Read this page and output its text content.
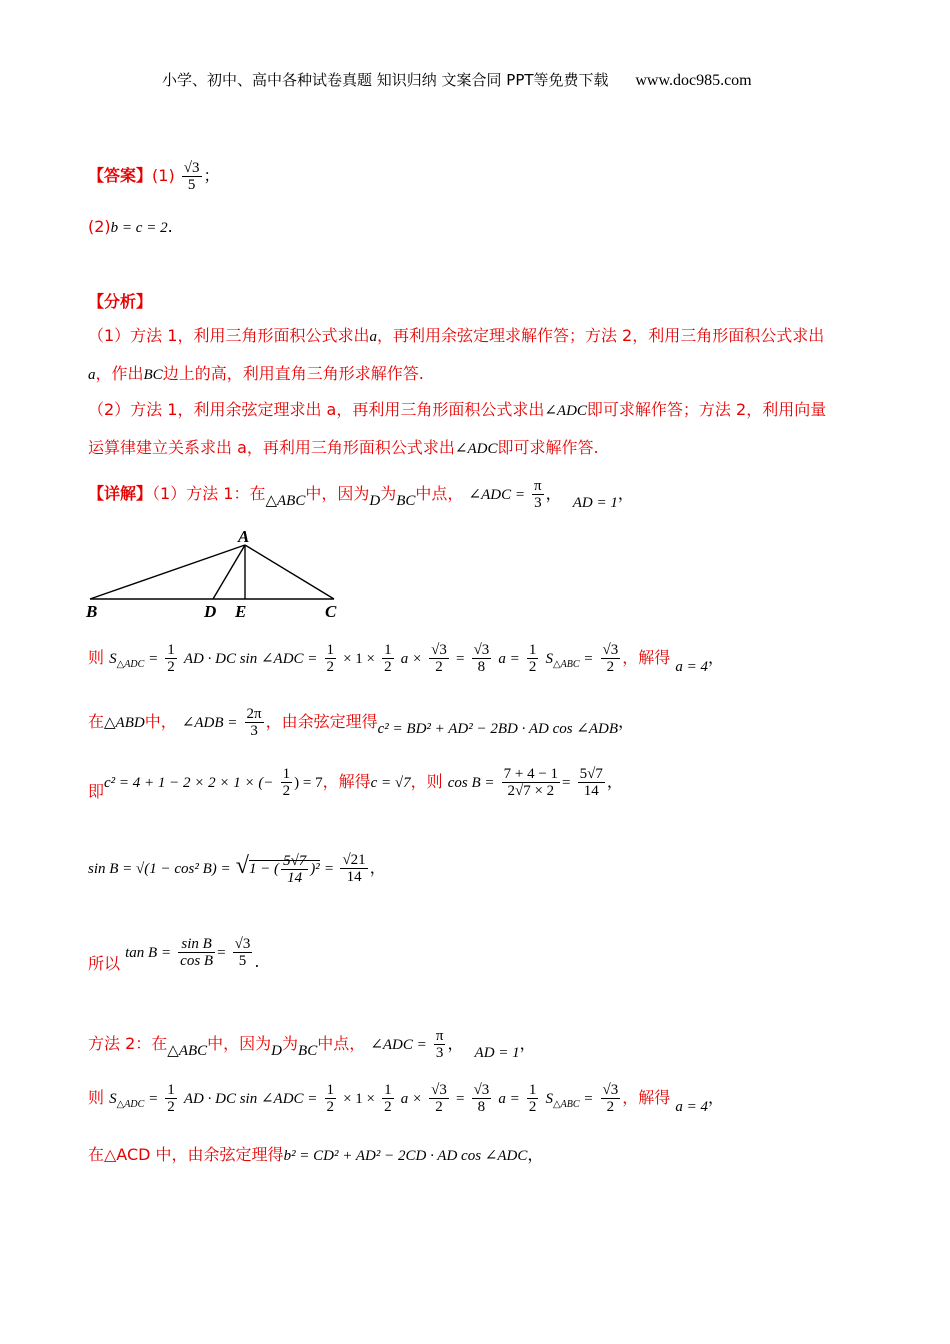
小学、初中、高中各种试卷真题 知识归纳 文案合同 PPT等免费下载 www.doc985.com
【答案】$(1) \frac{√3}{5}$ ；
(2)b = c = 2.
【分析】
（1）方法 1，利用三角形面积公式求出a，再利用余弦定理求解作答；方法 2，利用三角形面积公式求出
a，作出BC边上的高，利用直角三角形求解作答.
（2）方法 1，利用余弦定理求出 a，再利用三角形面积公式求出∠ADC即可求解作答；方法 2，利用向量
运算律建立关系求出 a，再利用三角形面积公式求出∠ADC即可求解作答.
【详解】（1）方法 1：在△ABC中，因为D为BC中点， ∠ADC = $\frac{\pi}{3}$ ， AD = 1，
A
B	D E	C
则 $S_{\triangle ADC} = \frac{1}{2}$ AD · DC sin ∠ADC = $\frac{1}{2} \times 1 \times \frac{1}{2}$ $a \times \frac{√3}{2} = \frac{√3}{8}$ $a = \frac{1}{2} S_{\triangle ABC} = \frac{√3}{2}$ ，解得 a = 4，
在△ABD中， ∠ADB = $\frac{2\pi}{3}$ ，由余弦定理得c² = BD² + AD² − 2BD · AD cos ∠ADB，
即c² = 4 + 1 − 2 × 2 × 1 × (− $\frac{1}{2}$ ) = 7，解得c = √7，则 $\cos B = \frac{7 + 4 - 1}{2√7 \times 2} = \frac{5√7}{14}$ ，
sin B = √(1 − cos² B) = √1 − ( $\frac{5√7}{14} )^2 = \frac{√21}{14}$ ，
所以 $\tan B = \frac{\text{sin B}}{\text{cos B}} = \frac{√3}{5}$ .
方法 2：在△ABC中，因为D为BC中点， ∠ADC = $\frac{\pi}{3}$ ， AD = 1，
则 $S_{\triangle ADC} = \frac{1}{2}$ AD · DC sin ∠ADC = $\frac{1}{2} \times 1 \times \frac{1}{2}$ $a \times \frac{√3}{2} = \frac{√3}{8}$ $a = \frac{1}{2} S_{\triangle ABC} = \frac{√3}{2}$ ，解得 a = 4，
在△ACD 中，由余弦定理得b² = CD² + AD² − 2CD · AD cos ∠ADC，
